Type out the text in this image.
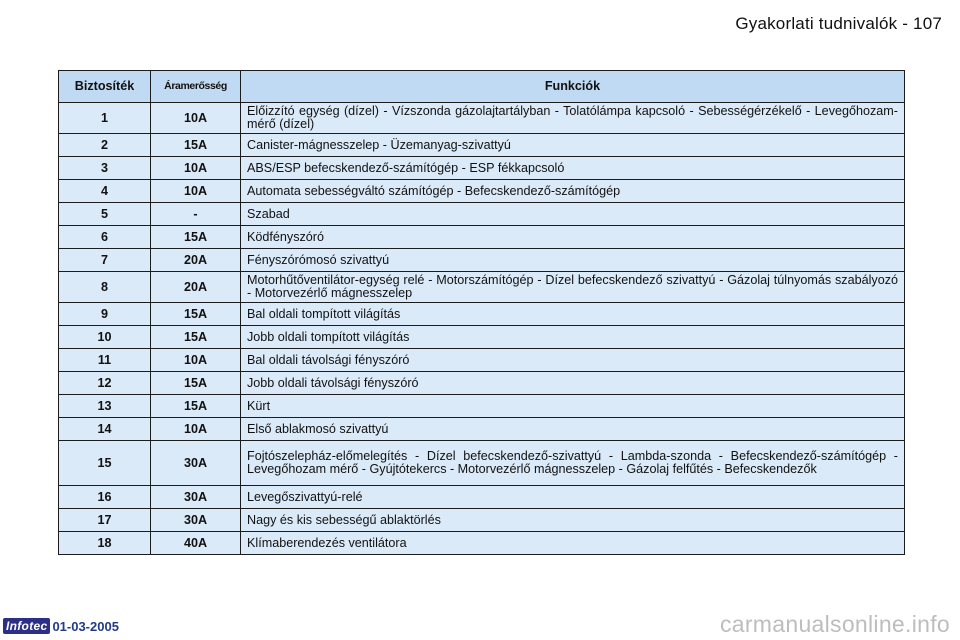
Gyakorlati tudnivalók - 107
Biztosíték	Áramerősség	Funkciók
1	10A	Előizzító egység (dízel) - Vízszonda gázolajtartályban - Tolatólámpa kapcsoló - Sebességérzékelő - Levegőhozam-mérő (dízel)
2	15A	Canister-mágnesszelep - Üzemanyag-szivattyú
3	10A	ABS/ESP befecskendező-számítógép - ESP fékkapcsoló
4	10A	Automata sebességváltó számítógép - Befecskendező-számítógép
5	-	Szabad
6	15A	Ködfényszóró
7	20A	Fényszórómosó szivattyú
8	20A	Motorhűtőventilátor-egység relé - Motorszámítógép - Dízel befecskendező szivattyú - Gázolaj túlnyomás szabályozó - Motorvezérlő mágnesszelep
9	15A	Bal oldali tompított világítás
10	15A	Jobb oldali tompított világítás
11	10A	Bal oldali távolsági fényszóró
12	15A	Jobb oldali távolsági fényszóró
13	15A	Kürt
14	10A	Első ablakmosó szivattyú
15	30A	Fojtószelepház-előmelegítés - Dízel befecskendező-szivattyú - Lambda-szonda - Befecskendező-számítógép - Levegőhozam mérő - Gyújtótekercs - Motorvezérlő mágnesszelep - Gázolaj felfűtés - Befecskendezők
16	30A	Levegőszivattyú-relé
17	30A	Nagy és kis sebességű ablaktörlés
18	40A	Klímaberendezés ventilátora
Infotec 01-03-2005	carmanualsonline.info
